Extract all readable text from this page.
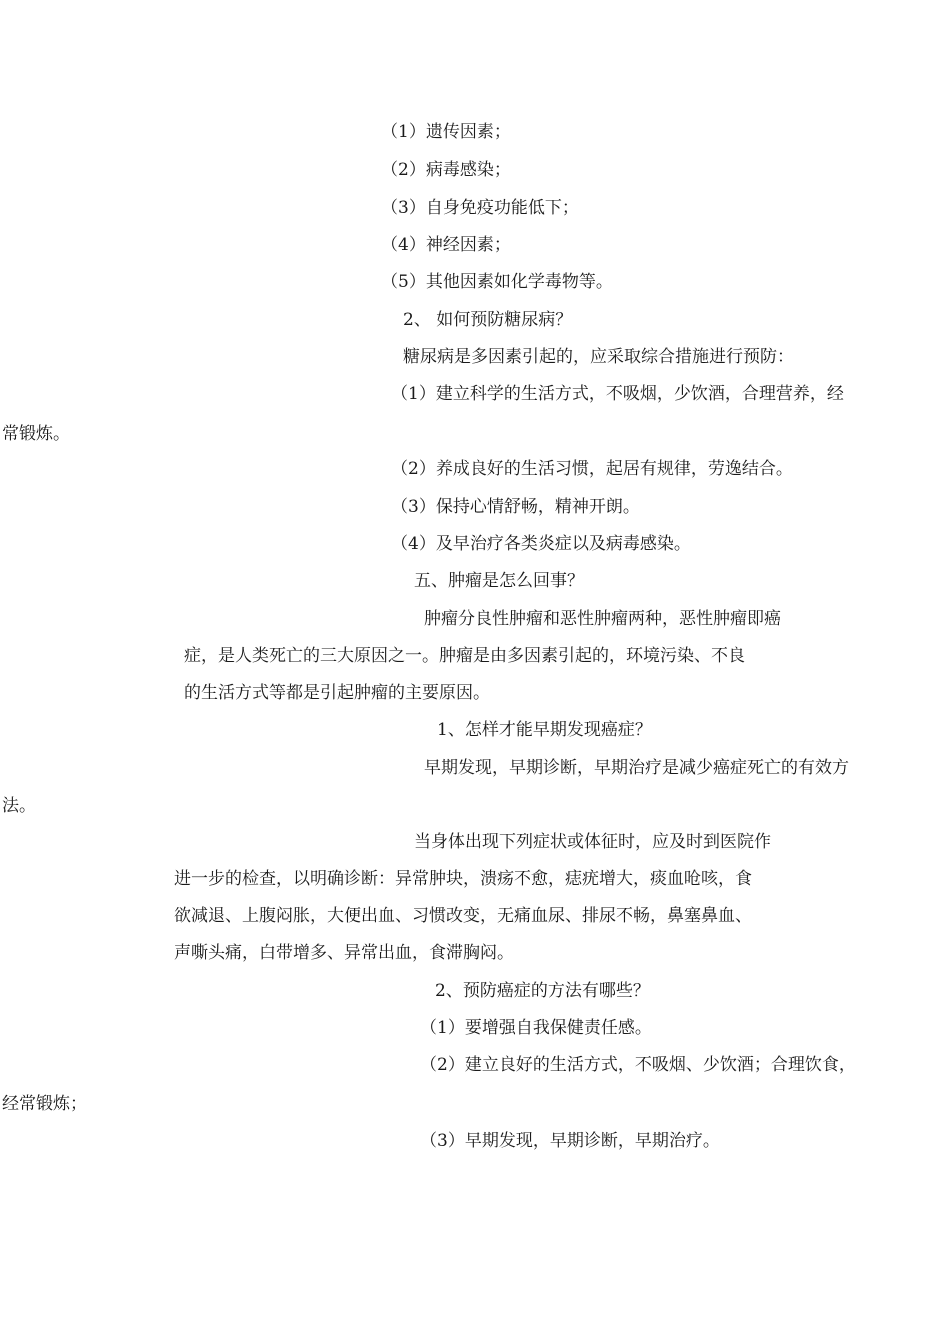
（1）遗传因素；
（2）病毒感染；
（3）自身免疫功能低下；
（4）神经因素；
（5）其他因素如化学毒物等。
2、 如何预防糖尿病？
糖尿病是多因素引起的，应采取综合措施进行预防：
（1）建立科学的生活方式，不吸烟，少饮酒，合理营养，经
常锻炼。
（2）养成良好的生活习惯，起居有规律，劳逸结合。
（3）保持心情舒畅，精神开朗。
（4）及早治疗各类炎症以及病毒感染。
五、肿瘤是怎么回事？
肿瘤分良性肿瘤和恶性肿瘤两种，恶性肿瘤即癌
症，是人类死亡的三大原因之一。肿瘤是由多因素引起的，环境污染、不良
的生活方式等都是引起肿瘤的主要原因。
1、怎样才能早期发现癌症？
早期发现，早期诊断，早期治疗是减少癌症死亡的有效方
法。
当身体出现下列症状或体征时，应及时到医院作
进一步的检查，以明确诊断：异常肿块，溃疡不愈，痣疣增大，痰血呛咳，食
欲减退、上腹闷胀，大便出血、习惯改变，无痛血尿、排尿不畅，鼻塞鼻血、
声嘶头痛，白带增多、异常出血，食滞胸闷。
2、预防癌症的方法有哪些？
（1）要增强自我保健责任感。
（2）建立良好的生活方式，不吸烟、少饮酒；合理饮食，
经常锻炼；
（3）早期发现，早期诊断，早期治疗。
